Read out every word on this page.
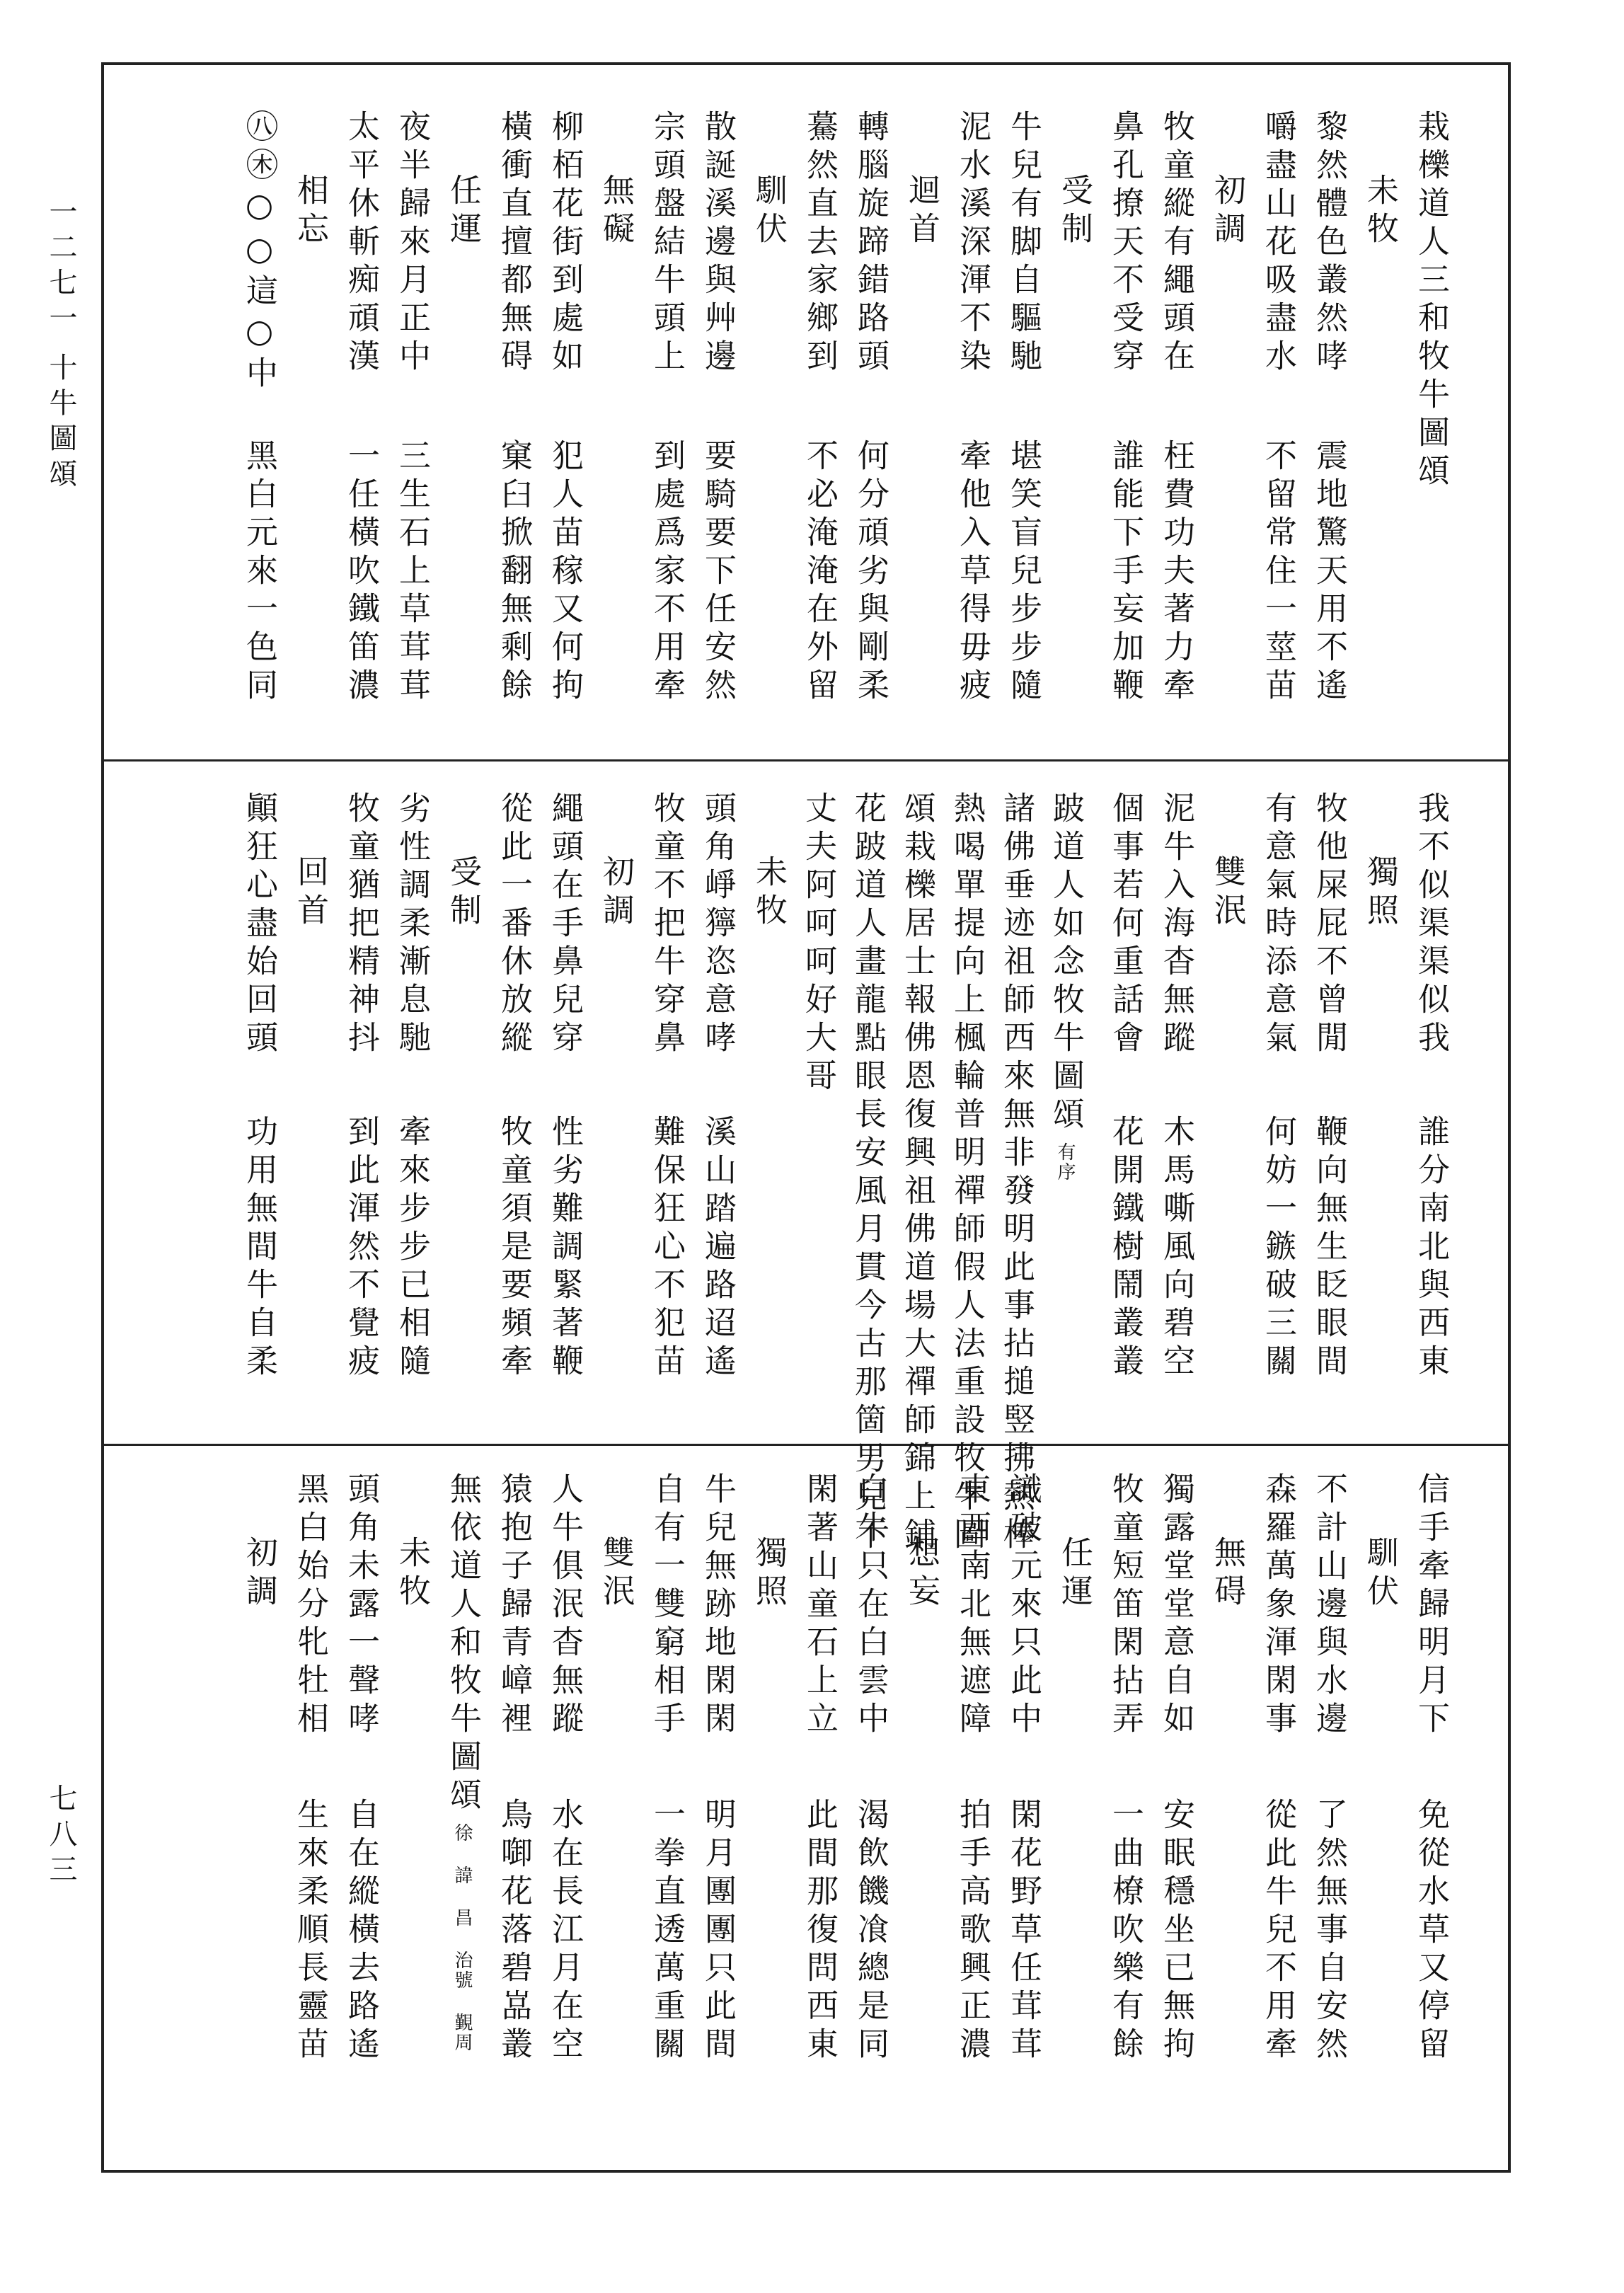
一二七一
十牛圖頌
七八三
栽櫟道人三和牧牛圖頌
未牧
黎然體色叢然哮
震地驚天用不遙
嚼盡山花吸盡水
不留常住一莖苗
初調
牧童縱有繩頭在
枉費功夫著力牽
鼻孔撩天不受穿
誰能下手妄加鞭
受制
牛兒有脚自驅馳
堪笑盲兒步步隨
泥水溪深渾不染
牽他入草得毋疲
迴首
轉腦旋蹄錯路頭
何分頑劣與剛柔
驀然直去家鄉到
不必淹淹在外留
馴伏
散誕溪邊與艸邊
要騎要下任安然
宗頭盤結牛頭上
到處爲家不用牽
無礙
柳栢花街到處如
犯人苗稼又何拘
橫衝直擅都無碍
窠臼掀翻無剩餘
任運
夜半歸來月正中
三生石上草茸茸
太平休斬痴頑漢
一任橫吹鐵笛濃
相忘
㊇㊍○○這○中
黑白元來一色同
我不似渠渠似我
誰分南北與西東
獨照
牧他屎屁不曾閒
鞭向無生眨眼間
有意氣時添意氣
何妨一鏃破三關
雙泯
泥牛入海杳無蹤
木馬嘶風向碧空
個事若何重話會
花開鐵樹鬧叢叢
跛道人如念牧牛圖頌
有序
諸佛垂迹祖師西來無非發明此事拈搥竪拂熱棒
熱喝單提向上楓輪普明禪師假人法重設牧牛圖
頌栽櫟居士報佛恩復興祖佛道場大禪師錦上鋪
花跛道人畫龍點眼長安風月貫今古那箇男兒不
丈夫阿呵呵好大哥
未牧
頭角崢獰恣意哮
溪山踏遍路迢遙
牧童不把牛穿鼻
難保狂心不犯苗
初調
繩頭在手鼻兒穿
性劣難調緊著鞭
從此一番休放縱
牧童須是要頻牽
受制
劣性調柔漸息馳
牽來步步已相隨
牧童猶把精神抖
到此渾然不覺疲
回首
顚狂心盡始回頭
功用無間牛自柔
信手牽歸明月下
免從水草又停留
馴伏
不計山邊與水邊
了然無事自安然
森羅萬象渾閑事
從此牛兒不用牽
無碍
獨露堂堂意自如
安眠穩坐已無拘
牧童短笛閑拈弄
一曲橑吹樂有餘
任運
識破元來只此中
閑花野草任茸茸
東西南北無遮障
拍手高歌興正濃
想妄
白牛只在白雲中
渴飲饑飡總是同
閑著山童石上立
此間那復問西東
獨照
牛兒無跡地閑閑
明月團團只此間
自有一雙窮相手
一拳直透萬重關
雙泯
人牛俱泯杳無蹤
水在長江月在空
猿抱子歸青嶂裡
鳥啣花落碧嵓叢
無依道人和牧牛圖頌
徐 諱 昌 治號 覲周
未牧
頭角未露一聲哮
自在縱橫去路遙
黑白始分牝牡相
生來柔順長靈苗
初調
